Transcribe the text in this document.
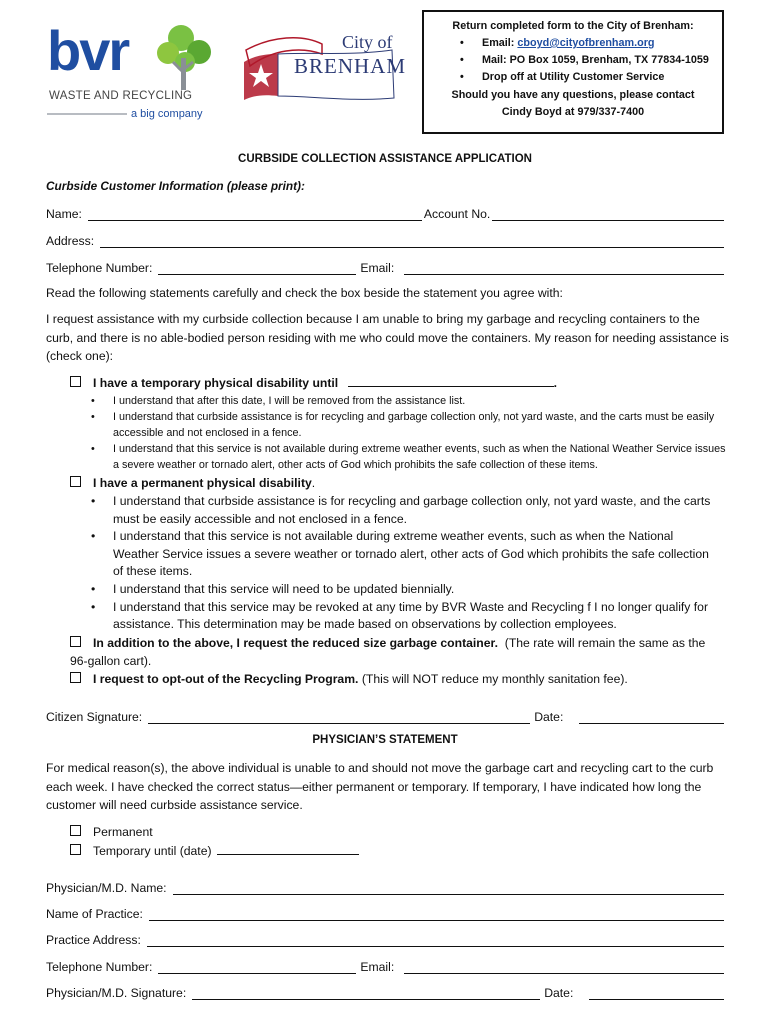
bvr
WASTE AND RECYCLING
a big company
City of
BRENHAM
Return completed form to the City of Brenham:
• Email: cboyd@cityofbrenham.org
• Mail: PO Box 1059, Brenham, TX 77834-1059
• Drop off at Utility Customer Service
Should you have any questions, please contact
Cindy Boyd at 979/337-7400
CURBSIDE COLLECTION ASSISTANCE APPLICATION
Curbside Customer Information (please print):
Name:	Account No.
Address:
Telephone Number:	Email:
Read the following statements carefully and check the box beside the statement you agree with:
I request assistance with my curbside collection because I am unable to bring my garbage and recycling containers to the curb, and there is no able-bodied person residing with me who could move the containers. My reason for needing assistance is (check one):
I have a temporary physical disability until	.
• I understand that after this date, I will be removed from the assistance list.
• I understand that curbside assistance is for recycling and garbage collection only, not yard waste, and the carts must be easily accessible and not enclosed in a fence.
• I understand that this service is not available during extreme weather events, such as when the National Weather Service issues a severe weather or tornado alert, other acts of God which prohibits the safe collection of these items.
I have a permanent physical disability.
• I understand that curbside assistance is for recycling and garbage collection only, not yard waste, and the carts must be easily accessible and not enclosed in a fence.
• I understand that this service is not available during extreme weather events, such as when the National Weather Service issues a severe weather or tornado alert, other acts of God which prohibits the safe collection of these items.
• I understand that this service will need to be updated biennially.
• I understand that this service may be revoked at any time by BVR Waste and Recycling f I no longer qualify for assistance. This determination may be made based on observations by collection employees.
In addition to the above, I request the reduced size garbage container. (The rate will remain the same as the 96-gallon cart).
I request to opt-out of the Recycling Program. (This will NOT reduce my monthly sanitation fee).
Citizen Signature:	Date:
PHYSICIAN’S STATEMENT
For medical reason(s), the above individual is unable to and should not move the garbage cart and recycling cart to the curb each week. I have checked the correct status—either permanent or temporary. If temporary, I have indicated how long the customer will need curbside assistance service.
Permanent
Temporary until (date)
Physician/M.D. Name:
Name of Practice:
Practice Address:
Telephone Number:	Email:
Physician/M.D. Signature:	Date:
